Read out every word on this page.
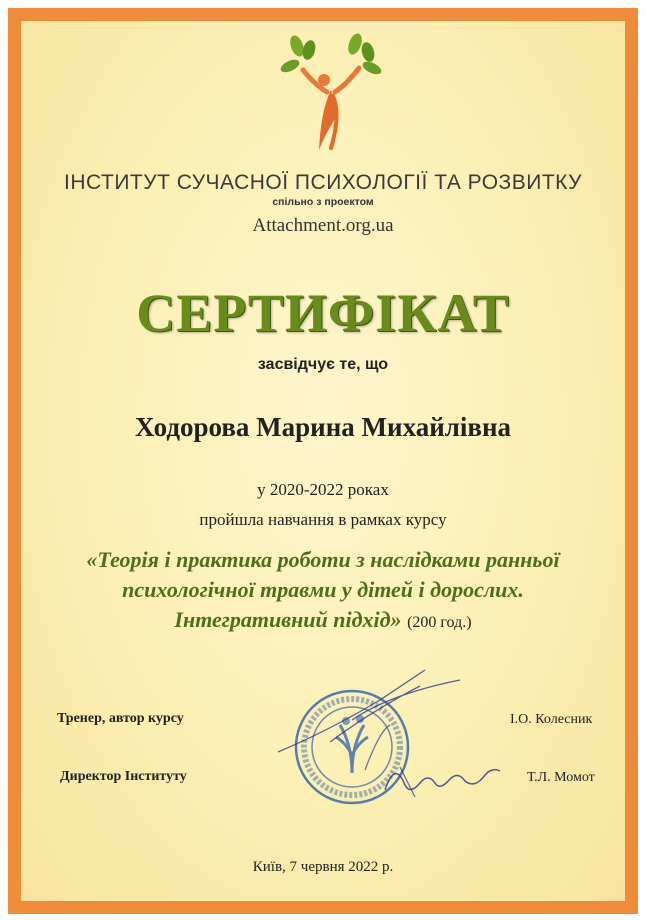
ІНСТИТУТ СУЧАСНОЇ ПСИХОЛОГІЇ ТА РОЗВИТКУ
спільно з проектом
Attachment.org.ua
СЕРТИФІКАТ
засвідчує те, що
Ходорова Марина Михайлівна
у 2020-2022 роках
пройшла навчання в рамках курсу
«Теорія і практика роботи з наслідками ранньої
психологічної травми у дітей і дорослих.
Інтегративний підхід» (200 год.)
Тренер, автор курсу	І.О. Колесник
Директор Інституту	Т.Л. Момот
Київ, 7 червня 2022 р.
